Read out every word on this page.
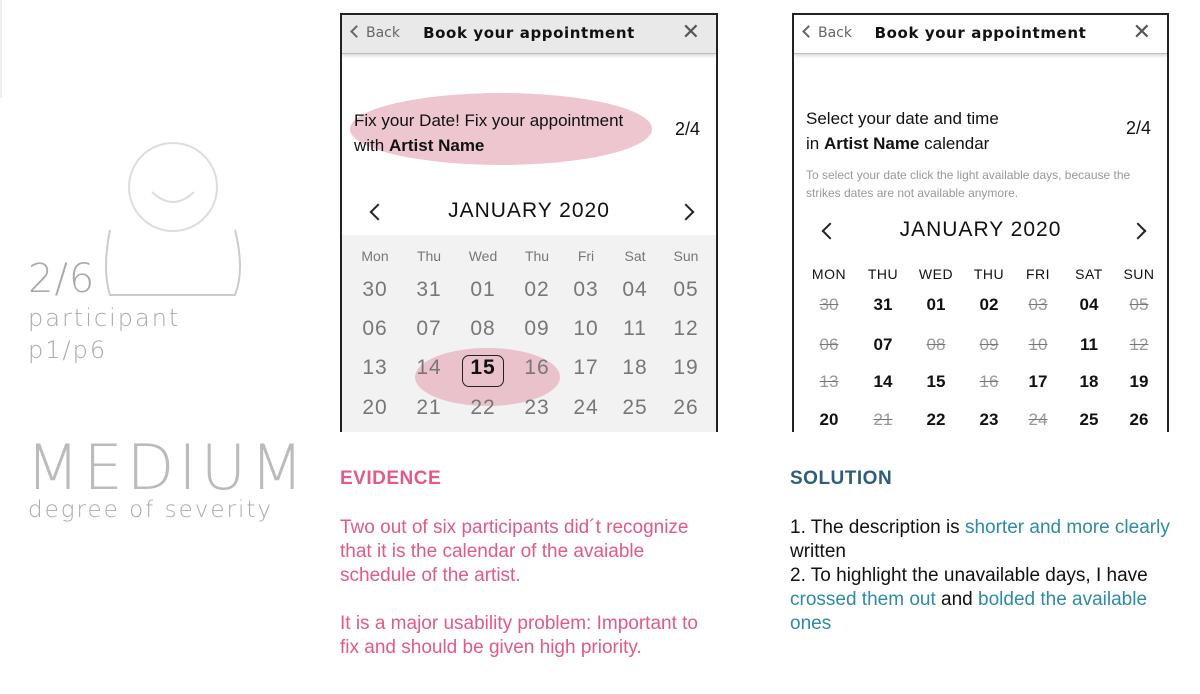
2/6
participant
p1/p6
MEDIUM
degree of severity
Back	Book your appointment	✕
Fix your Date! Fix your appointment with Artist Name
2/4
JANUARY 2020
Mon	Thu	Wed	Thu	Fri	Sat	Sun
30	31	01	02	03	04	05
06	07	08	09	10	11	12
13	14	15	16	17	18	19
20	21	22	23	24	25	26
Back	Book your appointment	✕
Select your date and time
in Artist Name calendar
2/4
To select your date click the light available days, because the strikes dates are not available anymore.
JANUARY 2020
MON	THU	WED	THU	FRI	SAT	SUN
30	31	01	02	03	04	05
06	07	08	09	10	11	12
13	14	15	16	17	18	19
20	21	22	23	24	25	26
EVIDENCE

Two out of six participants did´t recognize that it is the calendar of the avaiable schedule of the artist.

It is a major usability problem: Important to fix and should be given high priority.

SOLUTION
1. The description is shorter and more clearly written
2. To highlight the unavailable days, I have crossed them out and bolded the available ones
